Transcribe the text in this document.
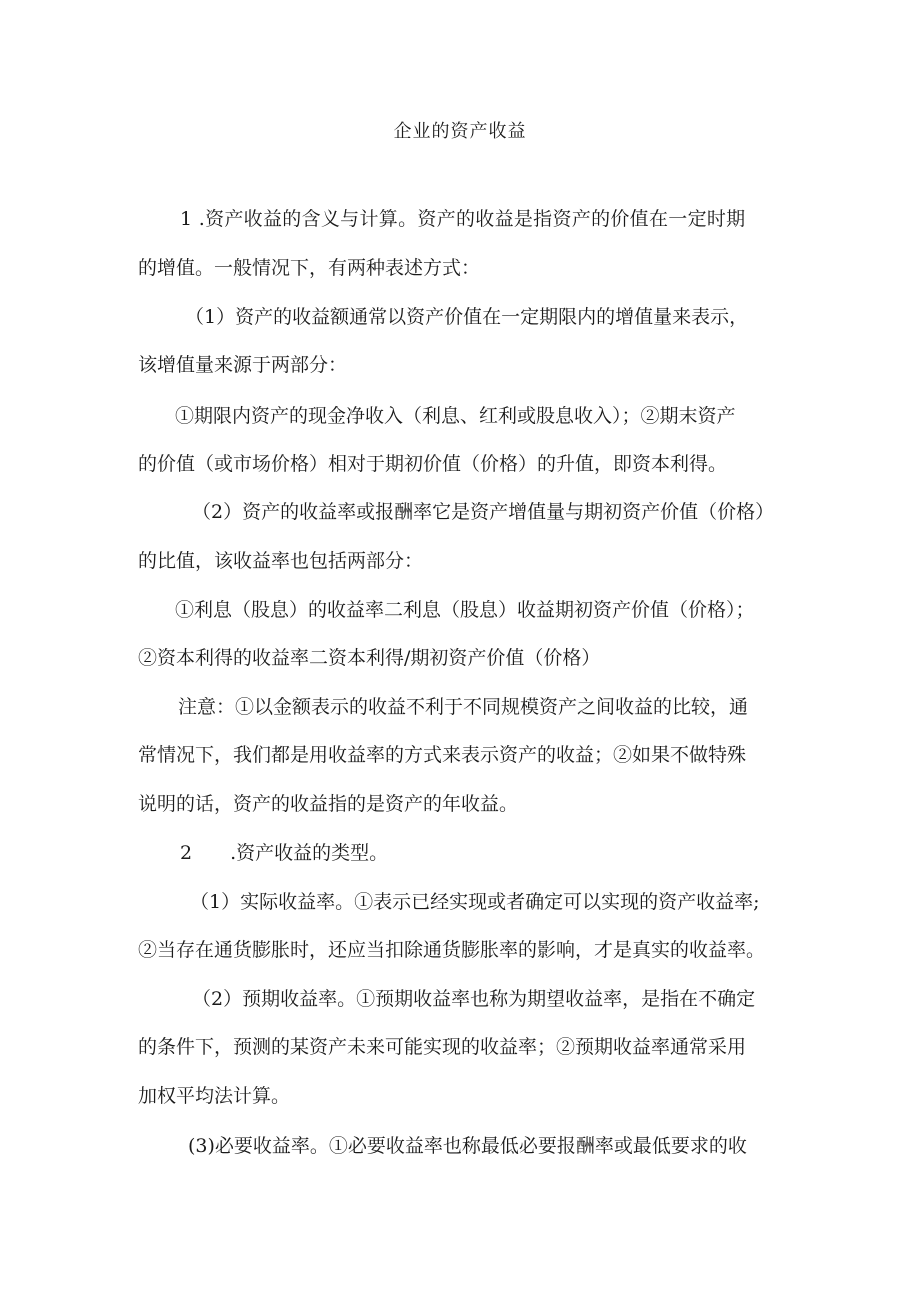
企业的资产收益
1 .资产收益的含义与计算。资产的收益是指资产的价值在一定时期
的增值。一般情况下，有两种表述方式：
（1）资产的收益额通常以资产价值在一定期限内的增值量来表示，
该增值量来源于两部分：
①期限内资产的现金净收入（利息、红利或股息收入）；②期末资产
的价值（或市场价格）相对于期初价值（价格）的升值，即资本利得。
（2）资产的收益率或报酬率它是资产增值量与期初资产价值（价格）
的比值，该收益率也包括两部分：
①利息（股息）的收益率二利息（股息）收益期初资产价值（价格）；
②资本利得的收益率二资本利得/期初资产价值（价格）
注意：①以金额表示的收益不利于不同规模资产之间收益的比较，通
常情况下，我们都是用收益率的方式来表示资产的收益；②如果不做特殊
说明的话，资产的收益指的是资产的年收益。
2　　.资产收益的类型。
（1）实际收益率。①表示已经实现或者确定可以实现的资产收益率;
②当存在通货膨胀时，还应当扣除通货膨胀率的影响，才是真实的收益率。
（2）预期收益率。①预期收益率也称为期望收益率，是指在不确定
的条件下，预测的某资产未来可能实现的收益率；②预期收益率通常采用
加权平均法计算。
(3)必要收益率。①必要收益率也称最低必要报酬率或最低要求的收
